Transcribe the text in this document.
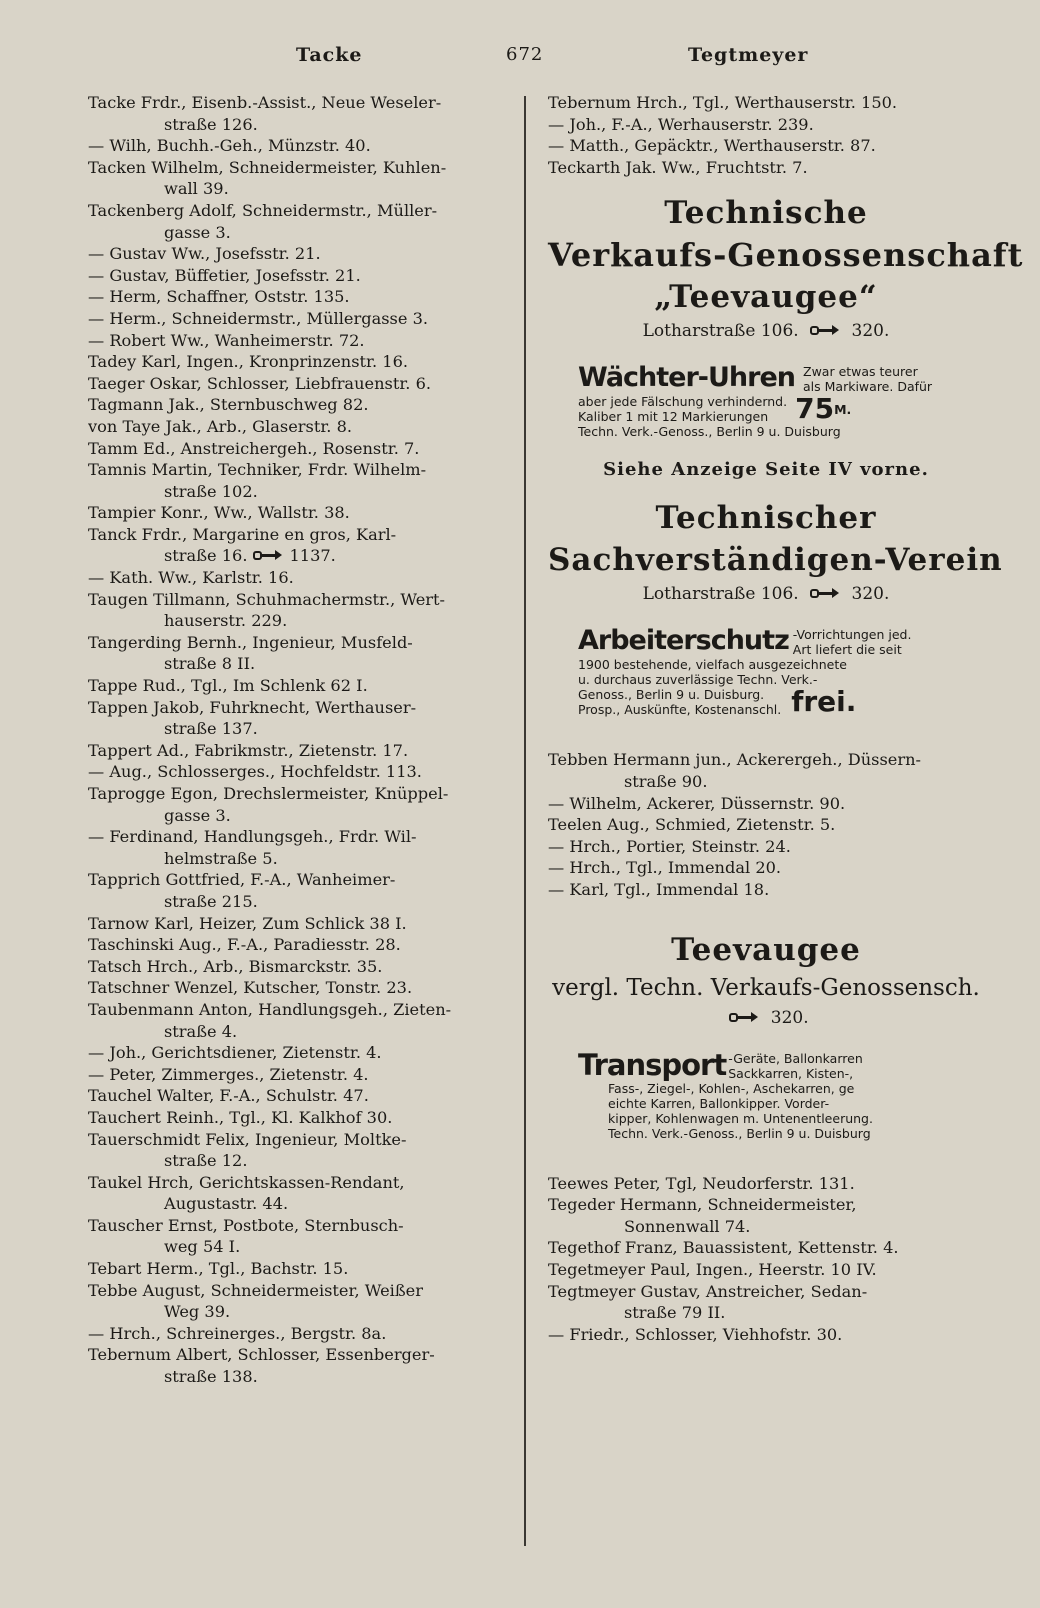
Tacke	672	Tegtmeyer
Tacke Frdr., Eisenb.-Assist., Neue Weseler-
straße 126.
— Wilh, Buchh.-Geh., Münzstr. 40.
Tacken Wilhelm, Schneidermeister, Kuhlen-
wall 39.
Tackenberg Adolf, Schneidermstr., Müller-
gasse 3.
— Gustav Ww., Josefsstr. 21.
— Gustav, Büffetier, Josefsstr. 21.
— Herm, Schaffner, Oststr. 135.
— Herm., Schneidermstr., Müllergasse 3.
— Robert Ww., Wanheimerstr. 72.
Tadey Karl, Ingen., Kronprinzenstr. 16.
Taeger Oskar, Schlosser, Liebfrauenstr. 6.
Tagmann Jak., Sternbuschweg 82.
von Taye Jak., Arb., Glaserstr. 8.
Tamm Ed., Anstreichergeh., Rosenstr. 7.
Tamnis Martin, Techniker, Frdr. Wilhelm-
straße 102.
Tampier Konr., Ww., Wallstr. 38.
Tanck Frdr., Margarine en gros, Karl-
straße 16.	1137.
— Kath. Ww., Karlstr. 16.
Taugen Tillmann, Schuhmachermstr., Wert-
hauserstr. 229.
Tangerding Bernh., Ingenieur, Musfeld-
straße 8 II.
Tappe Rud., Tgl., Im Schlenk 62 I.
Tappen Jakob, Fuhrknecht, Werthauser-
straße 137.
Tappert Ad., Fabrikmstr., Zietenstr. 17.
— Aug., Schlosserges., Hochfeldstr. 113.
Taprogge Egon, Drechslermeister, Knüppel-
gasse 3.
— Ferdinand, Handlungsgeh., Frdr. Wil-
helmstraße 5.
Tapprich Gottfried, F.-A., Wanheimer-
straße 215.
Tarnow Karl, Heizer, Zum Schlick 38 I.
Taschinski Aug., F.-A., Paradiesstr. 28.
Tatsch Hrch., Arb., Bismarckstr. 35.
Tatschner Wenzel, Kutscher, Tonstr. 23.
Taubenmann Anton, Handlungsgeh., Zieten-
straße 4.
— Joh., Gerichtsdiener, Zietenstr. 4.
— Peter, Zimmerges., Zietenstr. 4.
Tauchel Walter, F.-A., Schulstr. 47.
Tauchert Reinh., Tgl., Kl. Kalkhof 30.
Tauerschmidt Felix, Ingenieur, Moltke-
straße 12.
Taukel Hrch, Gerichtskassen-Rendant,
Augustastr. 44.
Tauscher Ernst, Postbote, Sternbusch-
weg 54 I.
Tebart Herm., Tgl., Bachstr. 15.
Tebbe August, Schneidermeister, Weißer
Weg 39.
— Hrch., Schreinerges., Bergstr. 8a.
Tebernum Albert, Schlosser, Essenberger-
straße 138.
Tebernum Hrch., Tgl., Werthauserstr. 150.
— Joh., F.-A., Werhauserstr. 239.
— Matth., Gepäcktr., Werthauserstr. 87.
Teckarth Jak. Ww., Fruchtstr. 7.
Technische
Verkaufs-Genossenschaft
„Teevaugee“
Lotharstraße 106.	320.
Wächter-Uhren Zwar etwas teurer
als Markiware. Dafür
aber jede Fälschung verhindernd.
Kaliber 1 mit 12 Markierungen 75 M.
Techn. Verk.-Genoss., Berlin 9 u. Duisburg
Siehe Anzeige Seite IV vorne.
Technischer
Sachverständigen-Verein
Lotharstraße 106.	320.
Arbeiterschutz -Vorrichtungen jed.
Art liefert die seit
1900 bestehende, vielfach ausgezeichnete
u. durchaus zuverlässige Techn. Verk.-
Genoss., Berlin 9 u. Duisburg.
Prosp., Auskünfte, Kostenanschl. frei.
Tebben Hermann jun., Ackerergeh., Düssern-
straße 90.
— Wilhelm, Ackerer, Düssernstr. 90.
Teelen Aug., Schmied, Zietenstr. 5.
— Hrch., Portier, Steinstr. 24.
— Hrch., Tgl., Immendal 20.
— Karl, Tgl., Immendal 18.
Teevaugee
vergl. Techn. Verkaufs-Genossensch.
320.
Transport -Geräte, Ballonkarren
Sackkarren, Kisten-,
Fass-, Ziegel-, Kohlen-, Aschekarren, ge
eichte Karren, Ballonkipper. Vorder-
kipper, Kohlenwagen m. Untenentleerung.
Techn. Verk.-Genoss., Berlin 9 u. Duisburg
Teewes Peter, Tgl, Neudorferstr. 131.
Tegeder Hermann, Schneidermeister,
Sonnenwall 74.
Tegethof Franz, Bauassistent, Kettenstr. 4.
Tegetmeyer Paul, Ingen., Heerstr. 10 IV.
Tegtmeyer Gustav, Anstreicher, Sedan-
straße 79 II.
— Friedr., Schlosser, Viehhofstr. 30.
